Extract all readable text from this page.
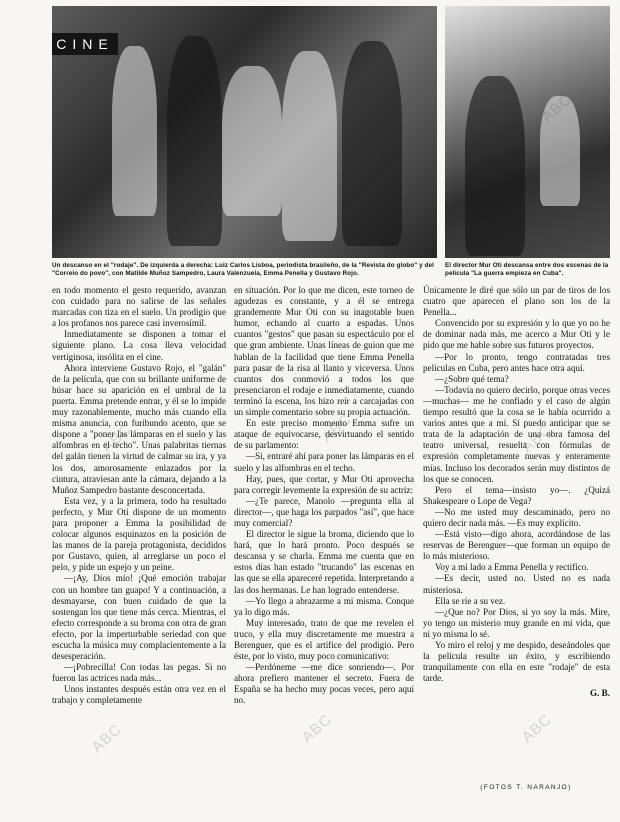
CINE
ABC
ABC	ABC
ABC	ABC	ABC
ABC	ABC	ABC

Un descanso en el "rodaje". De izquierda a derecha: Luiz Carlos Lisboa, periodista brasileño, de la "Revista do globo" y del "Correio do povo", con Matilde Muñoz Sampedro, Laura Valenzuela, Emma Penella y Gustavo Rojo.

El director Mur Oti descansa entre dos escenas de la película "La guerra empieza en Cuba".

en todo momento el gesto requerido, avanzan con cuidado para no salirse de las señales marcadas con tiza en el suelo. Un prodigio que a los profanos nos parece casi inverosímil.

Inmediatamente se disponen a tomar el siguiente plano. La cosa lleva velocidad vertiginosa, insólita en el cine.

Ahora interviene Gustavo Rojo, el "galán" de la película, que con su brillante uniforme de húsar hace su aparición en el umbral de la puerta. Emma pretende entrar, y él se lo impide muy razonablemente, mucho más cuando ella misma anuncia, con furibundo acento, que se dispone a "poner las lámparas en el suelo y las alfombras en el techo". Unas palabritas tiernas del galán tienen la virtud de calmar su ira, y ya los dos, amorosamente enlazados por la cintura, atraviesan ante la cámara, dejando a la Muñoz Sampedro bastante desconcertada.

Esta vez, y a la primera, todo ha resultado perfecto, y Mur Oti dispone de un momento para proponer a Emma la posibilidad de colocar algunos esquinazos en la posición de las manos de la pareja protagonista, decididos por Gustavo, quien, al arreglarse un poco el pelo, y pide un espejo y un peine.

—¡Ay, Dios mío! ¡Qué emoción trabajar con un hombre tan guapo! Y a continuación, a desmayarse, con buen cuidado de que la sostengan los que tiene más cerca. Mientras, el efecto corresponde a su broma con otra de gran efecto, por la imperturbable seriedad con que escucha la música muy complacientemente a la desesperación.

—¡Pobrecilla! Con todas las pegas. Si no fueron las actrices nada más...

Unos instantes después están otra vez en el trabajo y completamente

en situación. Por lo que me dicen, este torneo de agudezas es constante, y a él se entrega grandemente Mur Oti con su inagotable buen humor, echando al cuarto a espadas. Unos cuantos "gestos" que pasan su espectáculo por el que gran ambiente. Unas líneas de guion que me hablan de la facilidad que tiene Emma Penella para pasar de la risa al llanto y viceversa. Unos cuantos dos conmovió a todos los que presenciaron el rodaje e inmediatamente, cuando terminó la escena, los hizo reír a carcajadas con un simple comentario sobre su propia actuación.

En este preciso momento Emma sufre un ataque de equivocarse, desvirtuando el sentido de su parlamento:

—Si, entraré ahí para poner las lámparas en el suelo y las alfombras en el techo.

Hay, pues, que cortar, y Mur Oti aprovecha para corregir levemente la expresión de su actriz:

—¿Te parece, Manolo —pregunta ella al director—, que haga los parpados "así", que hace muy comercial?

El director le sigue la broma, diciendo que lo hará, que lo hará pronto. Poco después se descansa y se charla. Emma me cuenta que en estos días han estado "trucando" las escenas en las que se ella apareceré repetida. Interpretando a las dos hermanas. Le han logrado entenderse.

—Yo llego a abrazarme a mi misma. Conque ya lo digo más.

Muy interesado, trato de que me revelen el truco, y ella muy discretamente me muestra a Berenguer, que es el artífice del prodigio. Pero éste, por lo visto, muy poco comunicativo:

—Perdóneme —me dice sonriendo—. Por ahora prefiero mantener el secreto. Fuera de España se ha hecho muy pocas veces, pero aquí no.

Únicamente le diré que sólo un par de tiros de los cuatro que aparecen el plano son los de la Penella...

Convencido por su expresión y lo que yo no he de dominar nada más, me acerco a Mur Oti y le pido que me hable sobre sus futuros proyectos.

—Por lo pronto, tengo contratadas tres películas en Cuba, pero antes hace otra aquí.

—¿Sobre qué tema?

—Todavía no quiero decirlo, porque otras veces —muchas— me he confiado y el caso de algún tiempo resultó que la cosa se le había ocurrido a varios antes que a mí. Sí puedo anticipar que se trata de la adaptación de una obra famosa del teatro universal, resuelta con fórmulas de expresión completamente nuevas y enteramente mías. Incluso los decorados serán muy distintos de los que se conocen.

Pero el tema—insisto yo—. ¿Quizá Shakespeare o Lope de Vega?

—No me usted muy descaminado, pero no quiero decir nada más. —Es muy explícito.

—Está visto—digo ahora, acordándose de las reservas de Berenguer—que forman un equipo de lo más misterioso.

Voy a mí lado a Emma Penella y rectifico.

—Es decir, usted no. Usted no es nada misteriosa.

Ella se ríe a su vez.

—¿Que no? Por Dios, si yo soy la más. Mire, yo tengo un misterio muy grande en mi vida, que ni yo misma lo sé.

Yo miro el reloj y me despido, deseándoles que la película resulte un éxito, y escribiendo tranquilamente con ella en este "rodaje" de esta tarde.

G. B.

(FOTOS T. NARANJO)
